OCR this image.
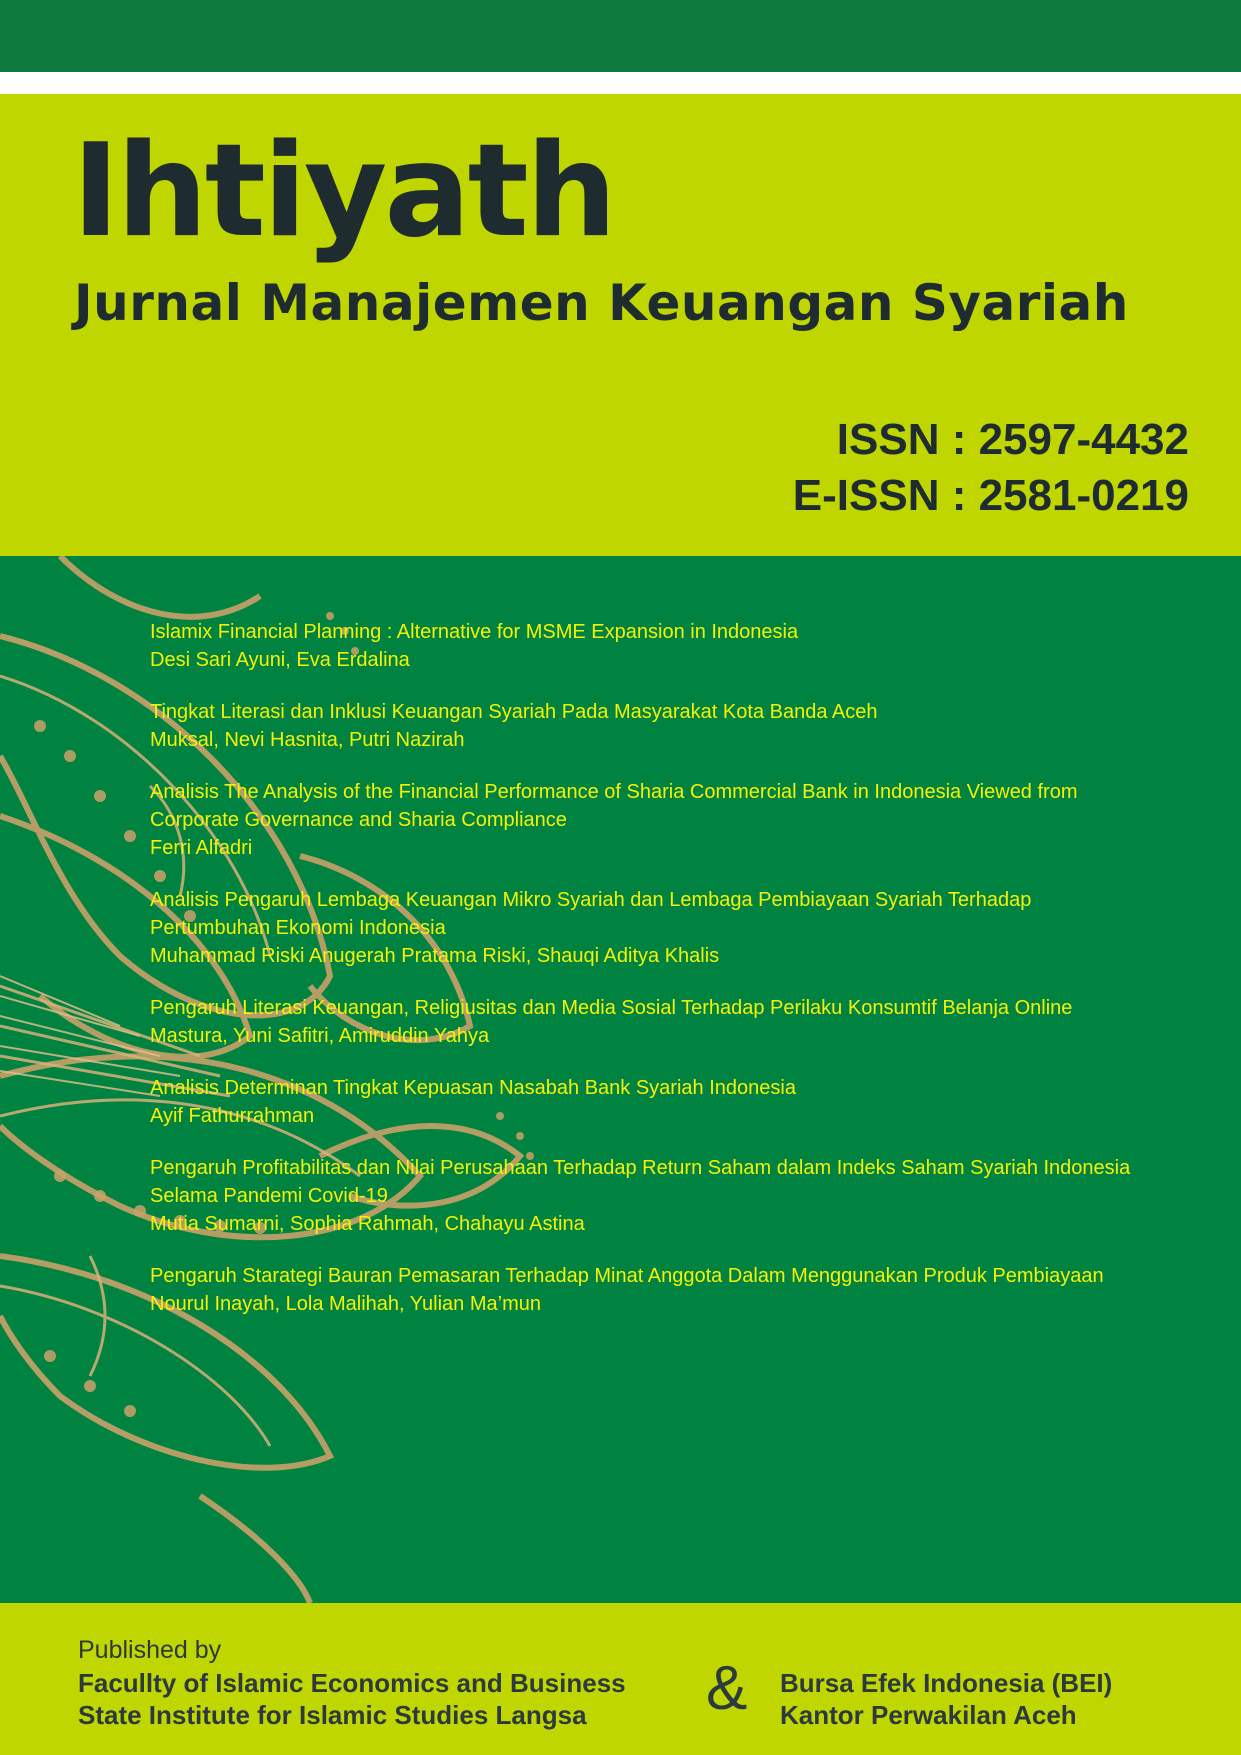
Ihtiyath
Jurnal Manajemen Keuangan Syariah
ISSN : 2597-4432
E-ISSN : 2581-0219

Islamix Financial Planning : Alternative for MSME Expansion in Indonesia

Desi Sari Ayuni, Eva Erdalina

Tingkat Literasi dan Inklusi Keuangan Syariah Pada Masyarakat Kota Banda Aceh

Muksal, Nevi Hasnita, Putri Nazirah

Analisis The Analysis of the Financial Performance of Sharia Commercial Bank in Indonesia Viewed from Corporate Governance and Sharia Compliance

Ferri Alfadri

Analisis Pengaruh Lembaga Keuangan Mikro Syariah dan Lembaga Pembiayaan Syariah Terhadap Pertumbuhan Ekonomi Indonesia

Muhammad Riski Anugerah Pratama Riski, Shauqi Aditya Khalis

Pengaruh Literasi Keuangan, Religiusitas dan Media Sosial Terhadap Perilaku Konsumtif Belanja Online

Mastura, Yuni Safitri, Amiruddin Yahya

Analisis Determinan Tingkat Kepuasan Nasabah Bank Syariah Indonesia

Ayif Fathurrahman

Pengaruh Profitabilitas dan Nilai Perusahaan Terhadap Return Saham dalam Indeks Saham Syariah Indonesia Selama Pandemi Covid-19

Mutia Sumarni, Sophia Rahmah, Chahayu Astina

Pengaruh Starategi Bauran Pemasaran Terhadap Minat Anggota Dalam Menggunakan Produk Pembiayaan

Nourul Inayah, Lola Malihah, Yulian Ma’mun

Published by

Facullty of Islamic Economics and Business

State Institute for Islamic Studies Langsa & Bursa Efek Indonesia (BEI)

Kantor Perwakilan Aceh
